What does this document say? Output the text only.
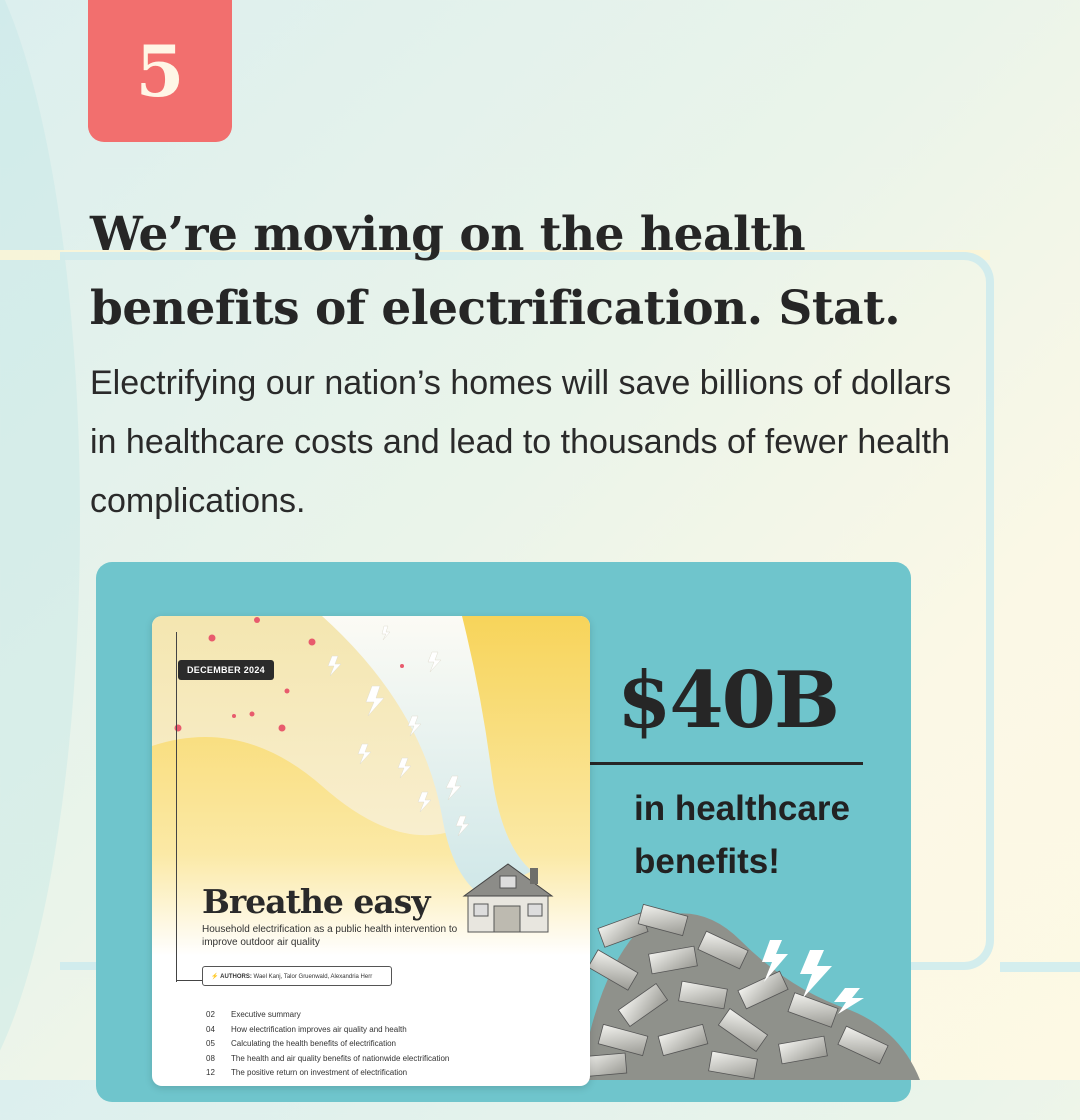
5
We’re moving on the health benefits of electrification. Stat.

Electrifying our nation’s homes will save billions of dollars in healthcare costs and lead to thousands of fewer health complications.

$40B

in healthcare benefits!

DECEMBER 2024
Breathe easy

Household electrification as a public health intervention to improve outdoor air quality

⚡ AUTHORS: Wael Kanj, Talor Gruenwald, Alexandria Herr
02	Executive summary
04	How electrification improves air quality and health
05	Calculating the health benefits of electrification
08	The health and air quality benefits of nationwide electrification
12	The positive return on investment of electrification
